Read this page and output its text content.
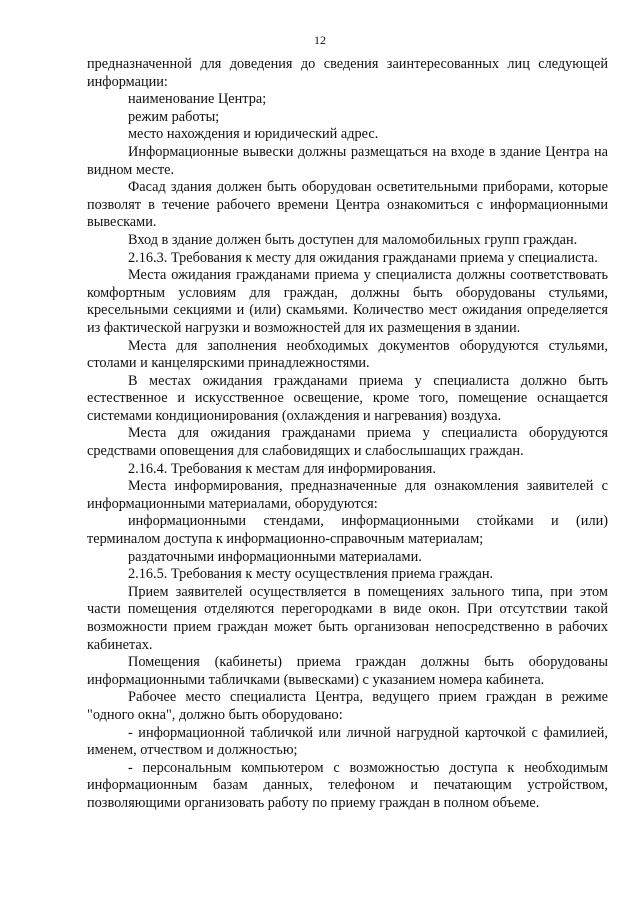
12

предназначенной для доведения до сведения заинтересованных лиц следующей информации:

наименование Центра;

режим работы;

место нахождения и юридический адрес.

Информационные вывески должны размещаться на входе в здание Центра на видном месте.

Фасад здания должен быть оборудован осветительными приборами, которые позволят в течение рабочего времени Центра ознакомиться с информационными вывесками.

Вход в здание должен быть доступен для маломобильных групп граждан.

2.16.3. Требования к месту для ожидания гражданами приема у специалиста.

Места ожидания гражданами приема у специалиста должны соответствовать комфортным условиям для граждан, должны быть оборудованы стульями, кресельными секциями и (или) скамьями. Количество мест ожидания определяется из фактической нагрузки и возможностей для их размещения в здании.

Места для заполнения необходимых документов оборудуются стульями, столами и канцелярскими принадлежностями.

В местах ожидания гражданами приема у специалиста должно быть естественное и искусственное освещение, кроме того, помещение оснащается системами кондиционирования (охлаждения и нагревания) воздуха.

Места для ожидания гражданами приема у специалиста оборудуются средствами оповещения для слабовидящих и слабослышащих граждан.

2.16.4. Требования к местам для информирования.

Места информирования, предназначенные для ознакомления заявителей с информационными материалами, оборудуются:

информационными стендами, информационными стойками и (или) терминалом доступа к информационно-справочным материалам;

раздаточными информационными материалами.

2.16.5. Требования к месту осуществления приема граждан.

Прием заявителей осуществляется в помещениях зального типа, при этом части помещения отделяются перегородками в виде окон. При отсутствии такой возможности прием граждан может быть организован непосредственно в рабочих кабинетах.

Помещения (кабинеты) приема граждан должны быть оборудованы информационными табличками (вывесками) с указанием номера кабинета.

Рабочее место специалиста Центра, ведущего прием граждан в режиме "одного окна", должно быть оборудовано:

- информационной табличкой или личной нагрудной карточкой с фамилией, именем, отчеством и должностью;

- персональным компьютером с возможностью доступа к необходимым информационным базам данных, телефоном и печатающим устройством, позволяющими организовать работу по приему граждан в полном объеме.
